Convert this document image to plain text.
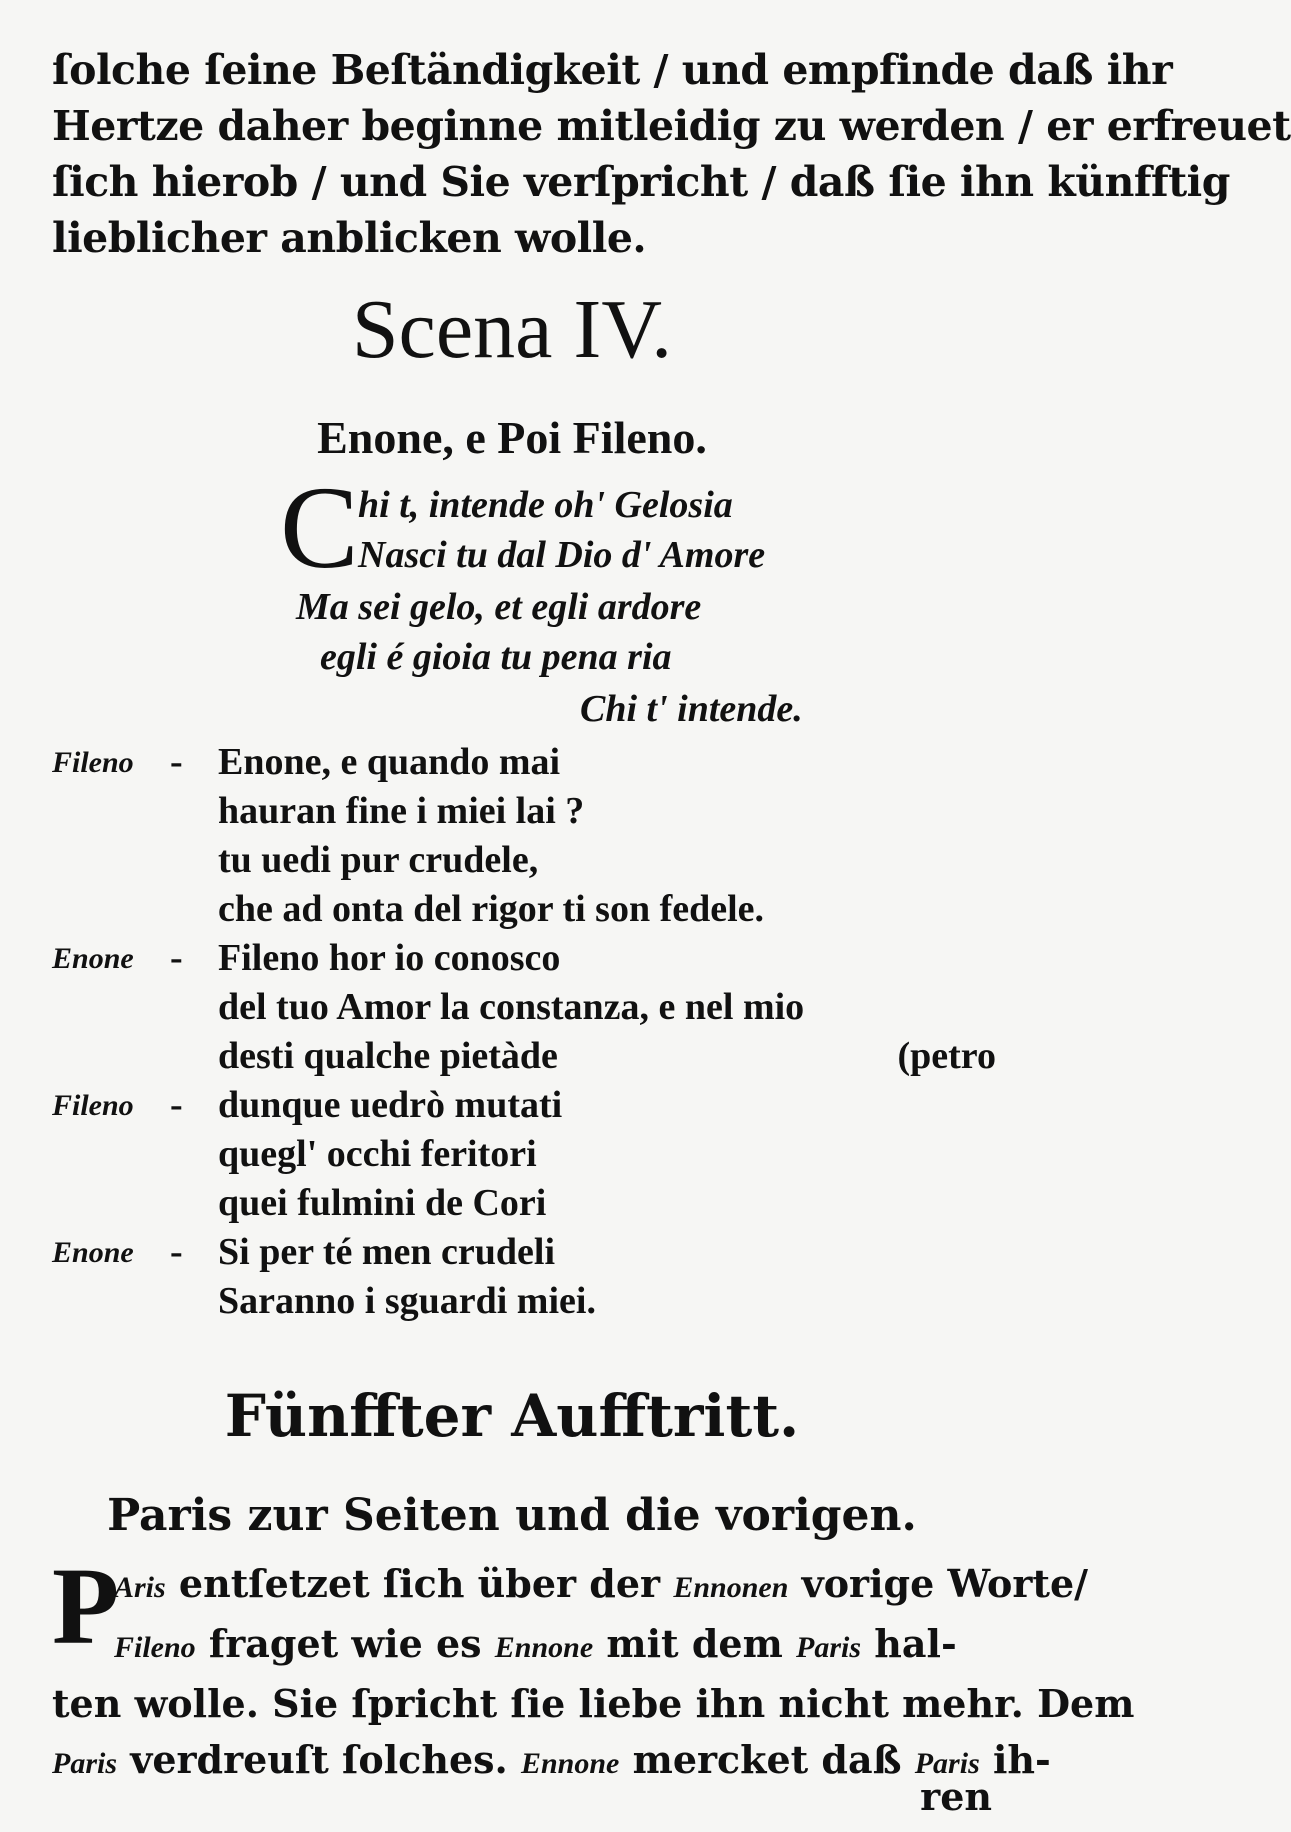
ſolche ſeine Beſtändigkeit / und empfinde daß ihr
Hertze daher beginne mitleidig zu werden / er erfreuet
ſich hierob / und Sie verſpricht / daß ſie ihn künfftig
lieblicher anblicken wolle.
Scena IV.
Enone, e Poi Fileno.
C hi t, intende oh' Gelosia
Nasci tu dal Dio d' Amore
Ma sei gelo, et egli ardore
egli é gioia tu pena ria
Chi t' intende.
Fileno - Enone, e quando mai
hauran fine i miei lai ?
tu uedi pur crudele,
che ad onta del rigor ti son fedele.
Enone - Fileno hor io conosco
del tuo Amor la constanza, e nel mio
desti qualche pietàde	(petro
Fileno - dunque uedrò mutati
quegl' occhi feritori
quei fulmini de Cori
Enone - Si per té men crudeli
Saranno i sguardi miei.
Fünffter Aufftritt.
Paris zur Seiten und die vorigen.
P
Aris entſetzet ſich über der Ennonen vorige Worte/
Fileno fraget wie es Ennone mit dem Paris hal-
ten wolle. Sie ſpricht ſie liebe ihn nicht mehr. Dem
Paris verdreuſt ſolches. Ennone mercket daß Paris ih-
ren
